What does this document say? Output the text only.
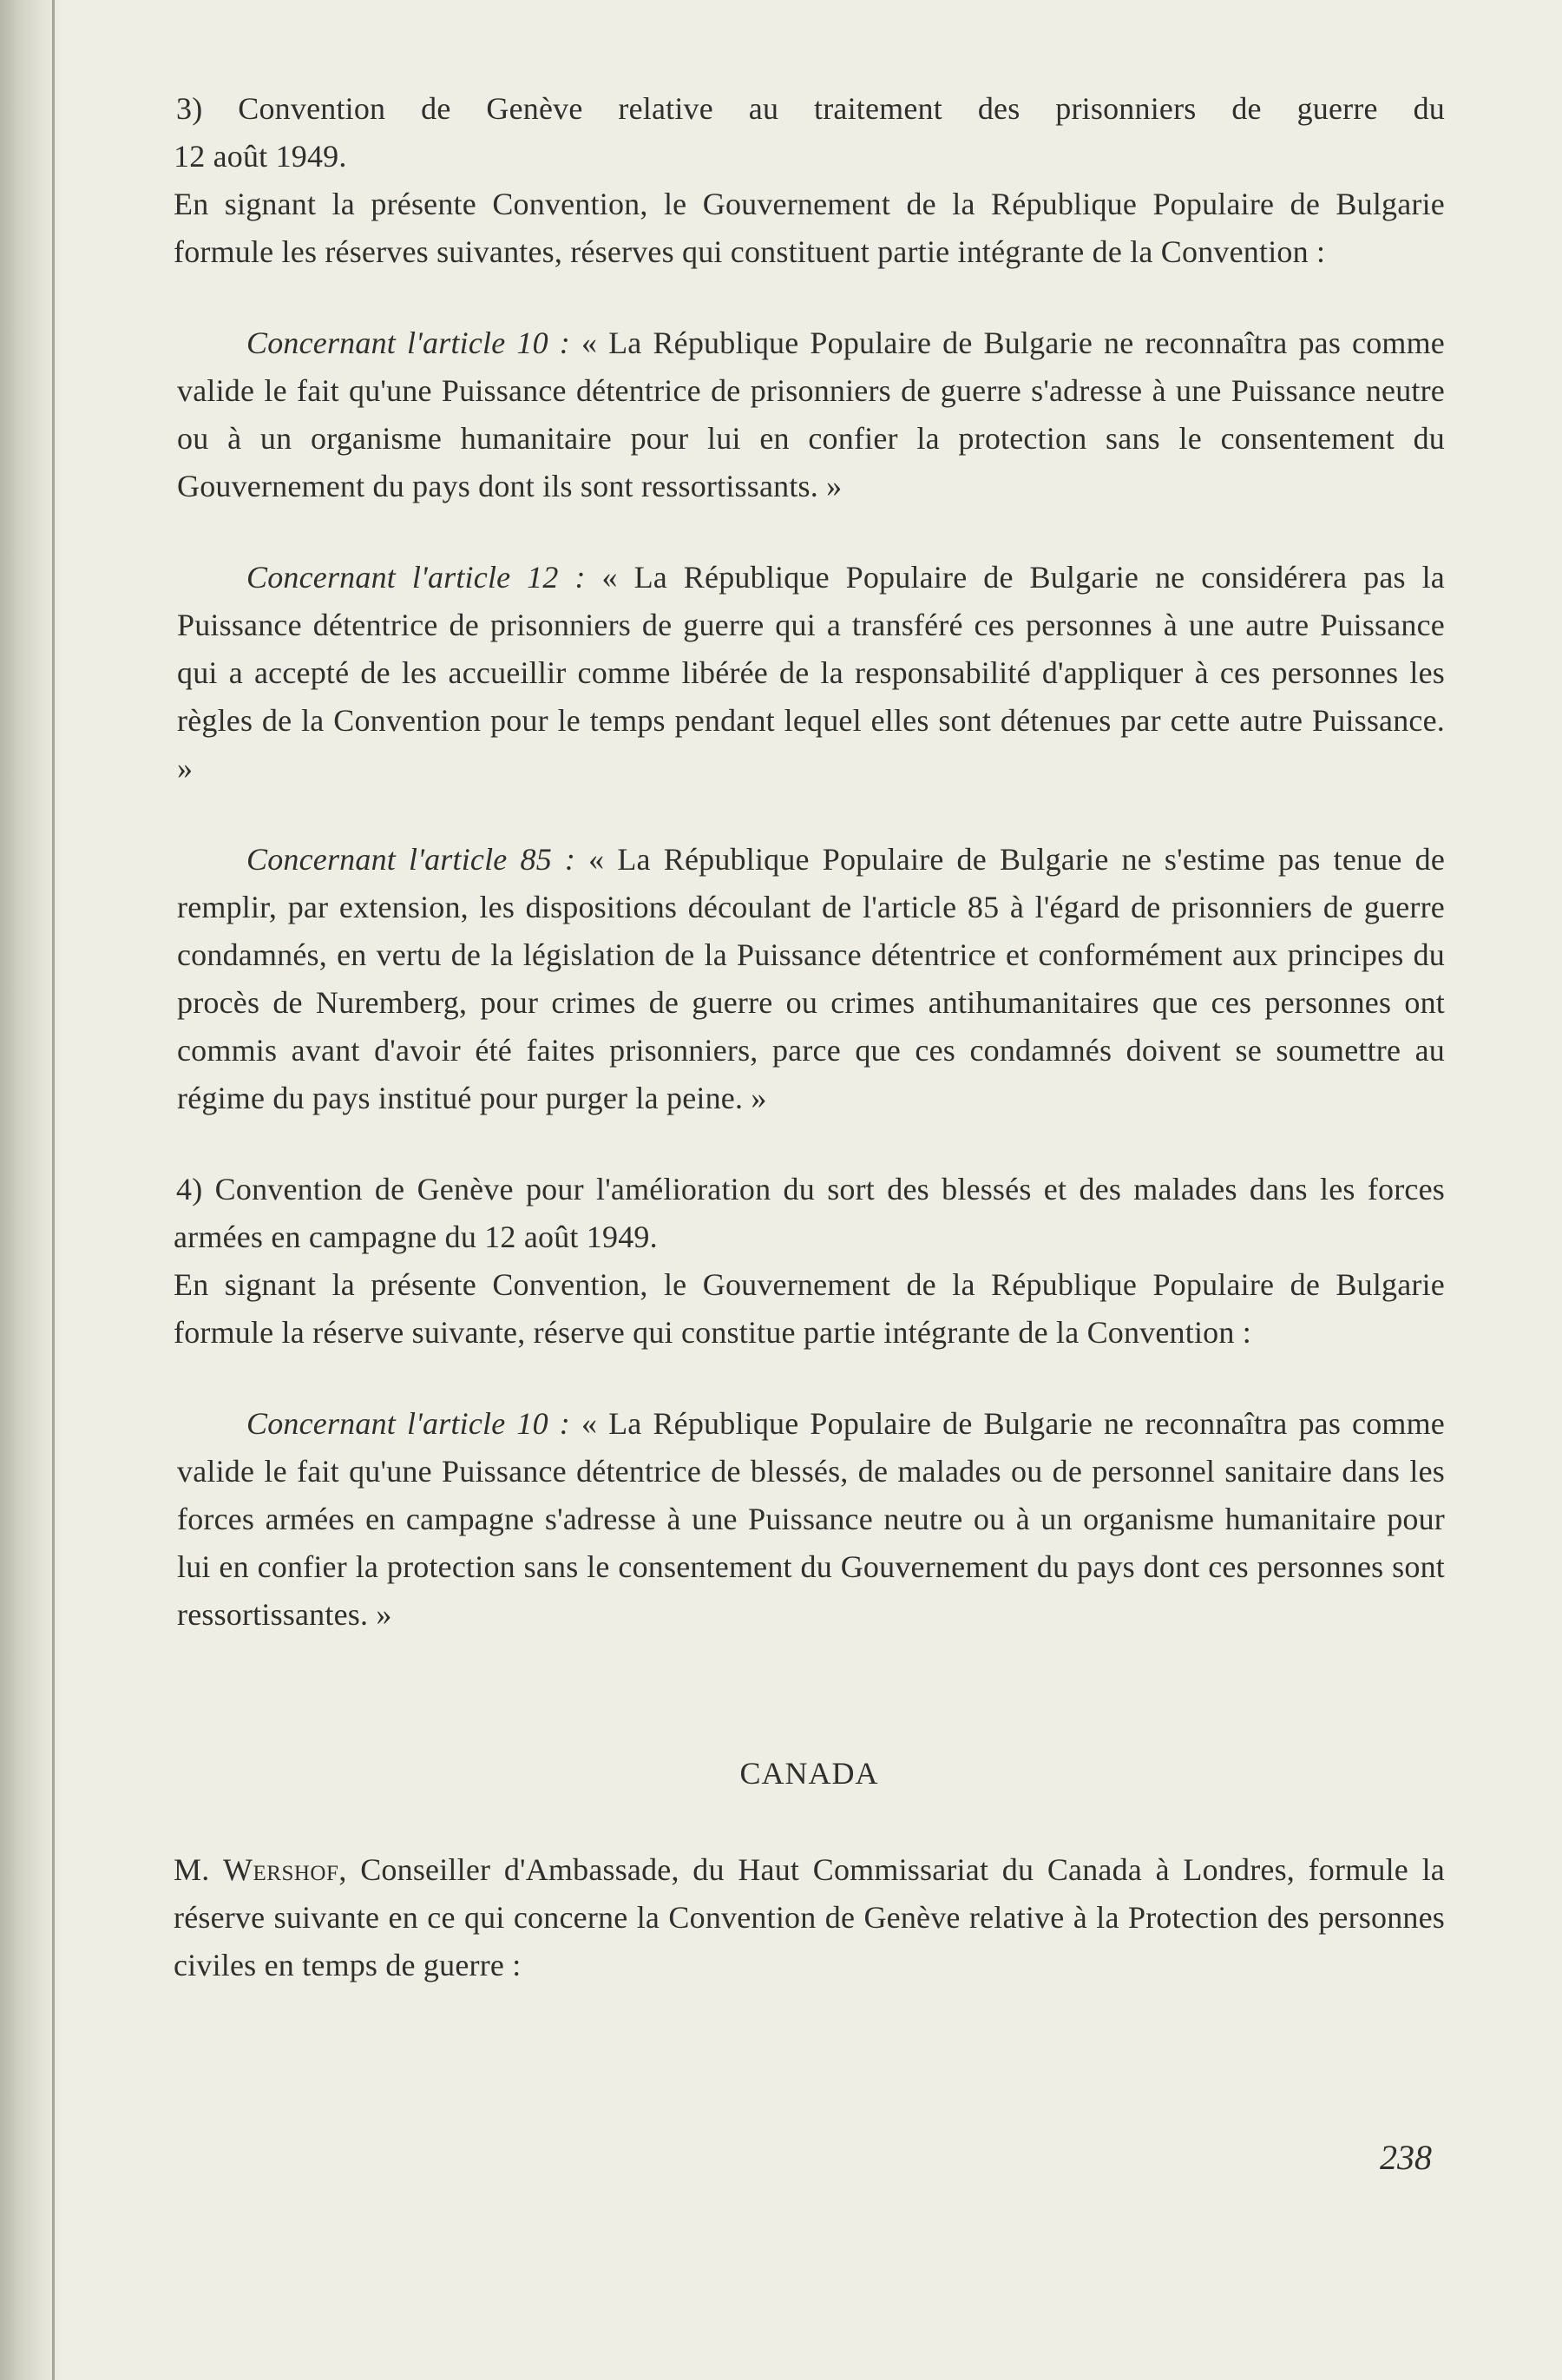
3) Convention de Genève relative au traitement des prisonniers de guerre du

12 août 1949.

En signant la présente Convention, le Gouvernement de la République Populaire de Bulgarie formule les réserves suivantes, réserves qui constituent partie intégrante de la Convention :

Concernant l'article 10 : « La République Populaire de Bulgarie ne reconnaîtra pas comme valide le fait qu'une Puissance détentrice de prisonniers de guerre s'adresse à une Puissance neutre ou à un organisme humanitaire pour lui en confier la protection sans le consentement du Gouvernement du pays dont ils sont ressortissants. »

Concernant l'article 12 : « La République Populaire de Bulgarie ne considérera pas la Puissance détentrice de prisonniers de guerre qui a transféré ces personnes à une autre Puissance qui a accepté de les accueillir comme libérée de la responsabilité d'appliquer à ces personnes les règles de la Convention pour le temps pendant lequel elles sont détenues par cette autre Puissance. »

Concernant l'article 85 : « La République Populaire de Bulgarie ne s'estime pas tenue de remplir, par extension, les dispositions découlant de l'article 85 à l'égard de prisonniers de guerre condamnés, en vertu de la législation de la Puissance détentrice et conformément aux principes du procès de Nuremberg, pour crimes de guerre ou crimes antihumanitaires que ces personnes ont commis avant d'avoir été faites prisonniers, parce que ces condamnés doivent se soumettre au régime du pays institué pour purger la peine. »

4) Convention de Genève pour l'amélioration du sort des blessés et des malades dans les forces armées en campagne du 12 août 1949.

En signant la présente Convention, le Gouvernement de la République Populaire de Bulgarie formule la réserve suivante, réserve qui constitue partie intégrante de la Convention :

Concernant l'article 10 : « La République Populaire de Bulgarie ne reconnaîtra pas comme valide le fait qu'une Puissance détentrice de blessés, de malades ou de personnel sanitaire dans les forces armées en campagne s'adresse à une Puissance neutre ou à un organisme humanitaire pour lui en confier la protection sans le consentement du Gouvernement du pays dont ces personnes sont ressortissantes. »

CANADA

M. Wershof, Conseiller d'Ambassade, du Haut Commissariat du Canada à Londres, formule la réserve suivante en ce qui concerne la Convention de Genève relative à la Protection des personnes civiles en temps de guerre :

238
